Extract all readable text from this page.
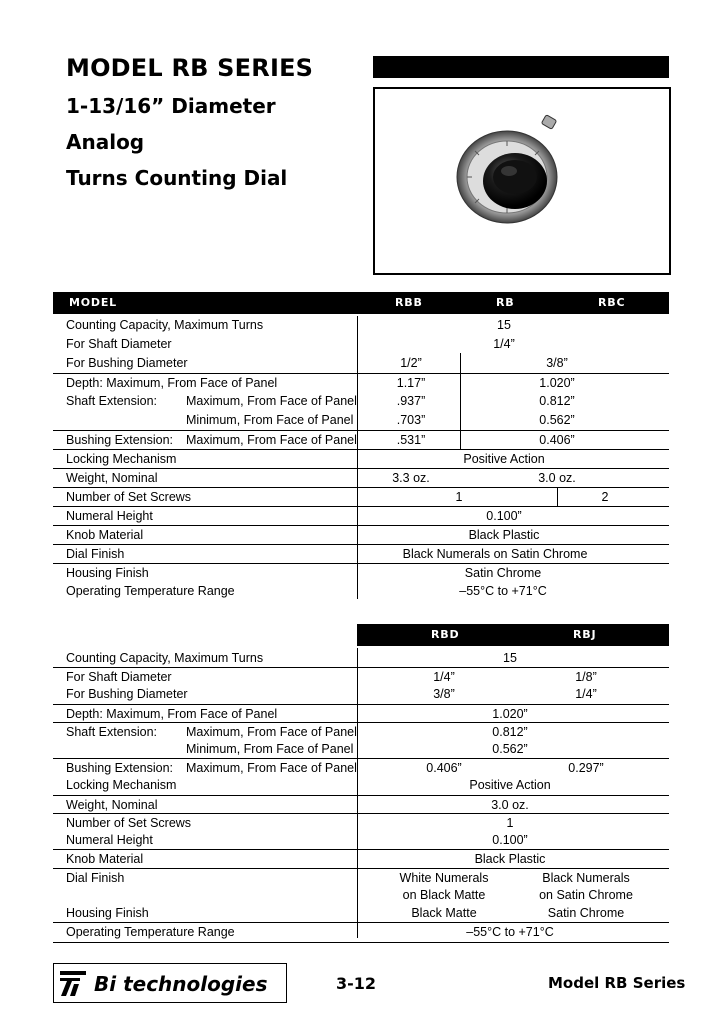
MODEL RB SERIES
1-13/16” Diameter
Analog
Turns Counting Dial
MODEL	RBB	RB	RBC
Counting Capacity, Maximum Turns	15
For Shaft Diameter	1/4”
For Bushing Diameter	1/2”	3/8”
Depth: Maximum, From Face of Panel	1.17”	1.020”
Shaft Extension: Maximum, From Face of Panel	.937”	0.812”
Minimum, From Face of Panel	.703”	0.562”
Bushing Extension: Maximum, From Face of Panel	.531”	0.406”
Locking Mechanism	Positive Action
Weight, Nominal	3.3 oz.	3.0 oz.
Number of Set Screws	1	2
Numeral Height	0.100”
Knob Material	Black Plastic
Dial Finish	Black Numerals on Satin Chrome
Housing Finish	Satin Chrome
Operating Temperature Range	–55°C to +71°C
RBD	RBJ
Counting Capacity, Maximum Turns	15
For Shaft Diameter	1/4”	1/8”
For Bushing Diameter	3/8”	1/4”
Depth: Maximum, From Face of Panel	1.020”
Shaft Extension: Maximum, From Face of Panel	0.812”
Minimum, From Face of Panel	0.562”
Bushing Extension: Maximum, From Face of Panel	0.406”	0.297”
Locking Mechanism	Positive Action
Weight, Nominal	3.0 oz.
Number of Set Screws	1
Numeral Height	0.100”
Knob Material	Black Plastic
Dial Finish	White Numerals	Black Numerals
on Black Matte	on Satin Chrome
Housing Finish	Black Matte	Satin Chrome
Operating Temperature Range	–55°C to +71°C
Bi technologies	3-12	Model RB Series
